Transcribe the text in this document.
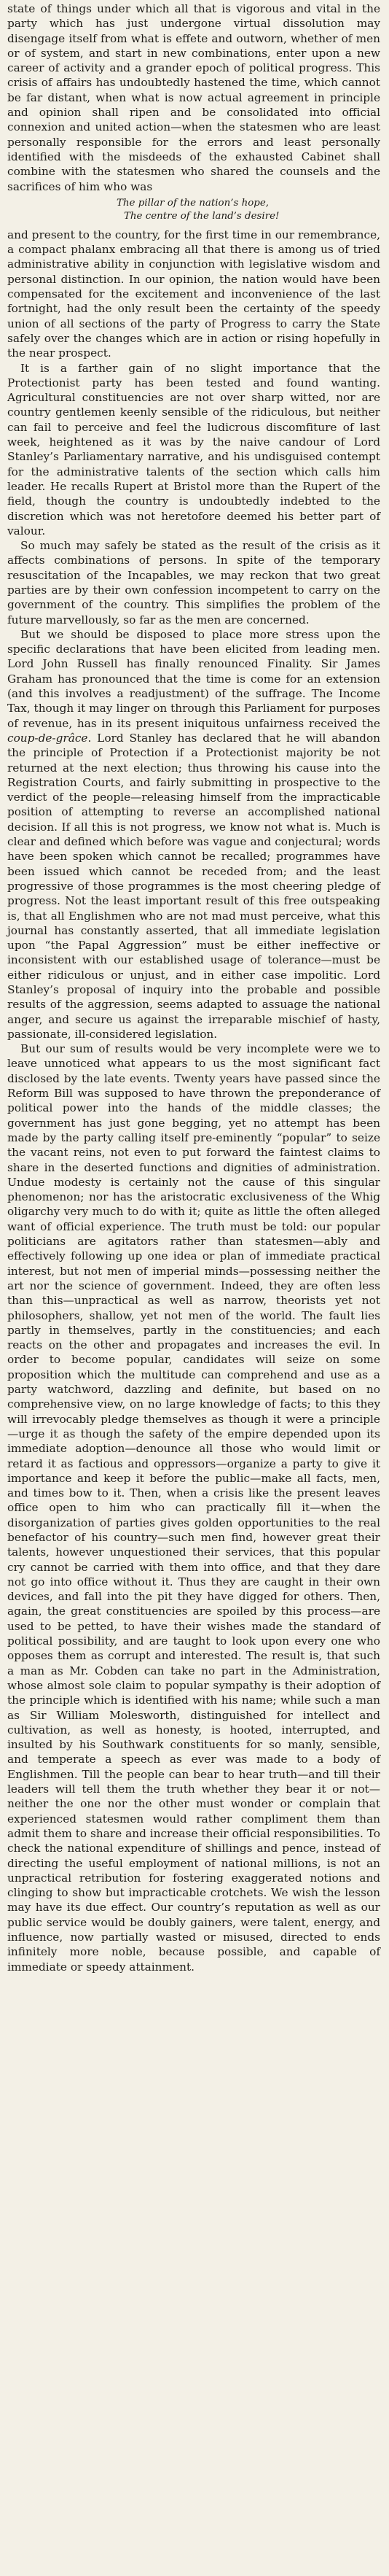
state of things under which all that is vigorous and vital in the party which has just undergone virtual dissolution may disengage itself from what is effete and outworn, whether of men or of system, and start in new combinations, enter upon a new career of activity and a grander epoch of political progress. This crisis of affairs has undoubtedly hastened the time, which cannot be far distant, when what is now actual agreement in principle and opinion shall ripen and be consolidated into official connexion and united action—when the statesmen who are least personally responsible for the errors and least personally identified with the misdeeds of the exhausted Cabinet shall combine with the statesmen who shared the counsels and the sacrifices of him who was

The pillar of the nation’s hope,
The centre of the land’s desire!

and present to the country, for the first time in our remembrance, a compact phalanx embracing all that there is among us of tried administrative ability in conjunction with legislative wisdom and personal distinction. In our opinion, the nation would have been compensated for the excitement and inconvenience of the last fortnight, had the only result been the certainty of the speedy union of all sections of the party of Progress to carry the State safely over the changes which are in action or rising hopefully in the near prospect.

It is a farther gain of no slight importance that the Protectionist party has been tested and found wanting. Agricultural constituencies are not over sharp witted, nor are country gentlemen keenly sensible of the ridiculous, but neither can fail to perceive and feel the ludicrous discomfiture of last week, heightened as it was by the naive candour of Lord Stanley’s Parliamentary narrative, and his undisguised contempt for the administrative talents of the section which calls him leader. He recalls Rupert at Bristol more than the Rupert of the field, though the country is undoubtedly indebted to the discretion which was not heretofore deemed his better part of valour.

So much may safely be stated as the result of the crisis as it affects combinations of persons. In spite of the temporary resuscitation of the Incapables, we may reckon that two great parties are by their own confession incompetent to carry on the government of the country. This simplifies the problem of the future marvellously, so far as the men are concerned.

But we should be disposed to place more stress upon the specific declarations that have been elicited from leading men. Lord John Russell has finally renounced Finality. Sir James Graham has pronounced that the time is come for an extension (and this involves a readjustment) of the suffrage. The Income Tax, though it may linger on through this Parliament for purposes of revenue, has in its present iniquitous unfairness received the coup-de-grâce. Lord Stanley has declared that he will abandon the principle of Protection if a Protectionist majority be not returned at the next election; thus throwing his cause into the Registration Courts, and fairly submitting in prospective to the verdict of the people—releasing himself from the impracticable position of attempting to reverse an accomplished national decision. If all this is not progress, we know not what is. Much is clear and defined which before was vague and conjectural; words have been spoken which cannot be recalled; programmes have been issued which cannot be receded from; and the least progressive of those programmes is the most cheering pledge of progress. Not the least important result of this free outspeaking is, that all Englishmen who are not mad must perceive, what this journal has constantly asserted, that all immediate legislation upon “the Papal Aggression” must be either ineffective or inconsistent with our established usage of tolerance—must be either ridiculous or unjust, and in either case impolitic. Lord Stanley’s proposal of inquiry into the probable and possible results of the aggression, seems adapted to assuage the national anger, and secure us against the irreparable mischief of hasty, passionate, ill-considered legislation.

But our sum of results would be very incomplete were we to leave unnoticed what appears to us the most significant fact disclosed by the late events. Twenty years have passed since the Reform Bill was supposed to have thrown the preponderance of political power into the hands of the middle classes; the government has just gone begging, yet no attempt has been made by the party calling itself pre-eminently “popular” to seize the vacant reins, not even to put forward the faintest claims to share in the deserted functions and dignities of administration. Undue modesty is certainly not the cause of this singular phenomenon; nor has the aristocratic exclusiveness of the Whig oligarchy very much to do with it; quite as little the often alleged want of official experience. The truth must be told: our popular politicians are agitators rather than statesmen—ably and effectively following up one idea or plan of immediate practical interest, but not men of imperial minds—possessing neither the art nor the science of government. Indeed, they are often less than this—unpractical as well as narrow, theorists yet not philosophers, shallow, yet not men of the world. The fault lies partly in themselves, partly in the constituencies; and each reacts on the other and propagates and increases the evil. In order to become popular, candidates will seize on some proposition which the multitude can comprehend and use as a party watchword, dazzling and definite, but based on no comprehensive view, on no large knowledge of facts; to this they will irrevocably pledge themselves as though it were a principle—urge it as though the safety of the empire depended upon its immediate adoption—denounce all those who would limit or retard it as factious and oppressors—organize a party to give it importance and keep it before the public—make all facts, men, and times bow to it. Then, when a crisis like the present leaves office open to him who can practically fill it—when the disorganization of parties gives golden opportunities to the real benefactor of his country—such men find, however great their talents, however unquestioned their services, that this popular cry cannot be carried with them into office, and that they dare not go into office without it. Thus they are caught in their own devices, and fall into the pit they have digged for others. Then, again, the great constituencies are spoiled by this process—are used to be petted, to have their wishes made the standard of political possibility, and are taught to look upon every one who opposes them as corrupt and interested. The result is, that such a man as Mr. Cobden can take no part in the Administration, whose almost sole claim to popular sympathy is their adoption of the principle which is identified with his name; while such a man as Sir William Molesworth, distinguished for intellect and cultivation, as well as honesty, is hooted, interrupted, and insulted by his Southwark constituents for so manly, sensible, and temperate a speech as ever was made to a body of Englishmen. Till the people can bear to hear truth—and till their leaders will tell them the truth whether they bear it or not—neither the one nor the other must wonder or complain that experienced statesmen would rather compliment them than admit them to share and increase their official responsibilities. To check the national expenditure of shillings and pence, instead of directing the useful employment of national millions, is not an unpractical retribution for fostering exaggerated notions and clinging to show but impracticable crotchets. We wish the lesson may have its due effect. Our country’s reputation as well as our public service would be doubly gainers, were talent, energy, and influence, now partially wasted or misused, directed to ends infinitely more noble, because possible, and capable of immediate or speedy attainment.
